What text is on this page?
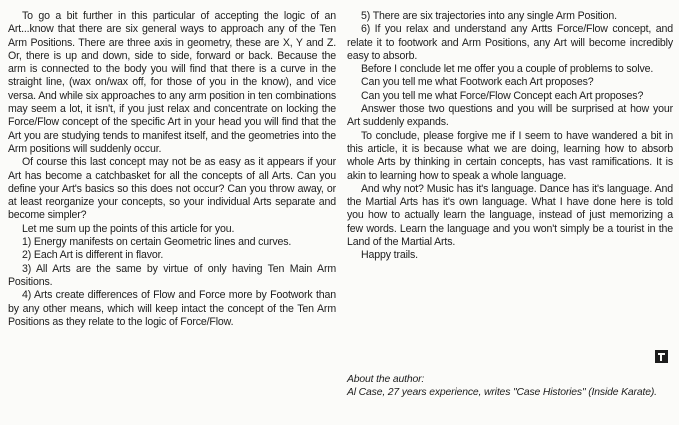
To go a bit further in this particular of accepting the logic of an Art...know that there are six general ways to approach any of the Ten Arm Positions. There are three axis in geometry, these are X, Y and Z. Or, there is up and down, side to side, forward or back. Because the arm is connected to the body you will find that there is a curve in the straight line, (wax on/wax off, for those of you in the know), and vice versa. And while six approaches to any arm position in ten combinations may seem a lot, it isn't, if you just relax and concentrate on locking the Force/Flow concept of the specific Art in your head you will find that the Art you are studying tends to manifest itself, and the geometries into the Arm positions will suddenly occur.

Of course this last concept may not be as easy as it appears if your Art has become a catchbasket for all the concepts of all Arts. Can you define your Art's basics so this does not occur? Can you throw away, or at least reorganize your concepts, so your individual Arts separate and become simpler?

Let me sum up the points of this article for you.

1) Energy manifests on certain Geometric lines and curves.

2) Each Art is different in flavor.

3) All Arts are the same by virtue of only having Ten Main Arm Positions.

4) Arts create differences of Flow and Force more by Footwork than by any other means, which will keep intact the concept of the Ten Arm Positions as they relate to the logic of Force/Flow.

5) There are six trajectories into any single Arm Position.

6) If you relax and understand any Artts Force/Flow concept, and relate it to footwork and Arm Positions, any Art will become incredibly easy to absorb.

Before I conclude let me offer you a couple of problems to solve.

Can you tell me what Footwork each Art proposes?

Can you tell me what Force/Flow Concept each Art proposes?

Answer those two questions and you will be surprised at how your Art suddenly expands.

To conclude, please forgive me if I seem to have wandered a bit in this article, it is because what we are doing, learning how to absorb whole Arts by thinking in certain concepts, has vast ramifications. It is akin to learning how to speak a whole language.

And why not? Music has it's language. Dance has it's language. And the Martial Arts has it's own language. What I have done here is told you how to actually learn the language, instead of just memorizing a few words. Learn the language and you won't simply be a tourist in the Land of the Martial Arts.

Happy trails.

About the author:
Al Case, 27 years experience, writes "Case Histories" (Inside Karate).
